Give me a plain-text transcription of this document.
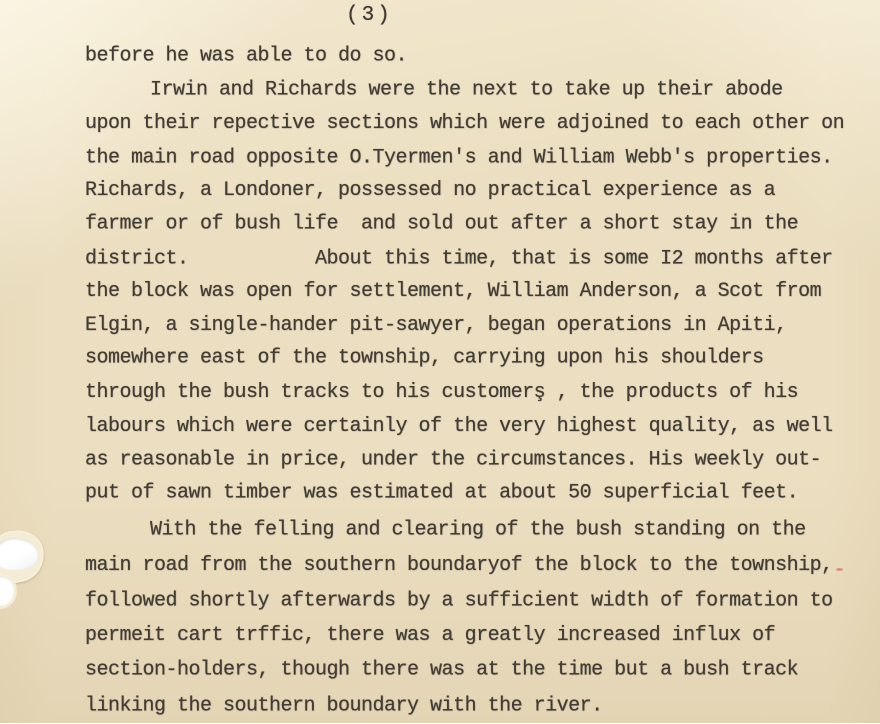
(3)

before he was able to do so.

Irwin and Richards were the next to take up their abode
upon their repective sections which were adjoined to each other on
the main road opposite O.Tyermen's and William Webb's properties.
Richards, a Londoner, possessed no practical experience as a
farmer or of bush life  and sold out after a short stay in the
district.           About this time, that is some I2 months after
the block was open for settlement, William Anderson, a Scot from
Elgin, a single-hander pit-sawyer, began operations in Apiti,
somewhere east of the township, carrying upon his shoulders
through the bush tracks to his customerş , the products of his
labours which were certainly of the very highest quality, as well
as reasonable in price, under the circumstances. His weekly out-
put of sawn timber was estimated at about 50 superficial feet.

With the felling and clearing of the bush standing on the
main road from the southern boundaryof the block to the township,
followed shortly afterwards by a sufficient width of formation to
permeit cart trffic, there was a greatly increased influx of
section-holders, though there was at the time but a bush track
linking the southern boundary with the river.
